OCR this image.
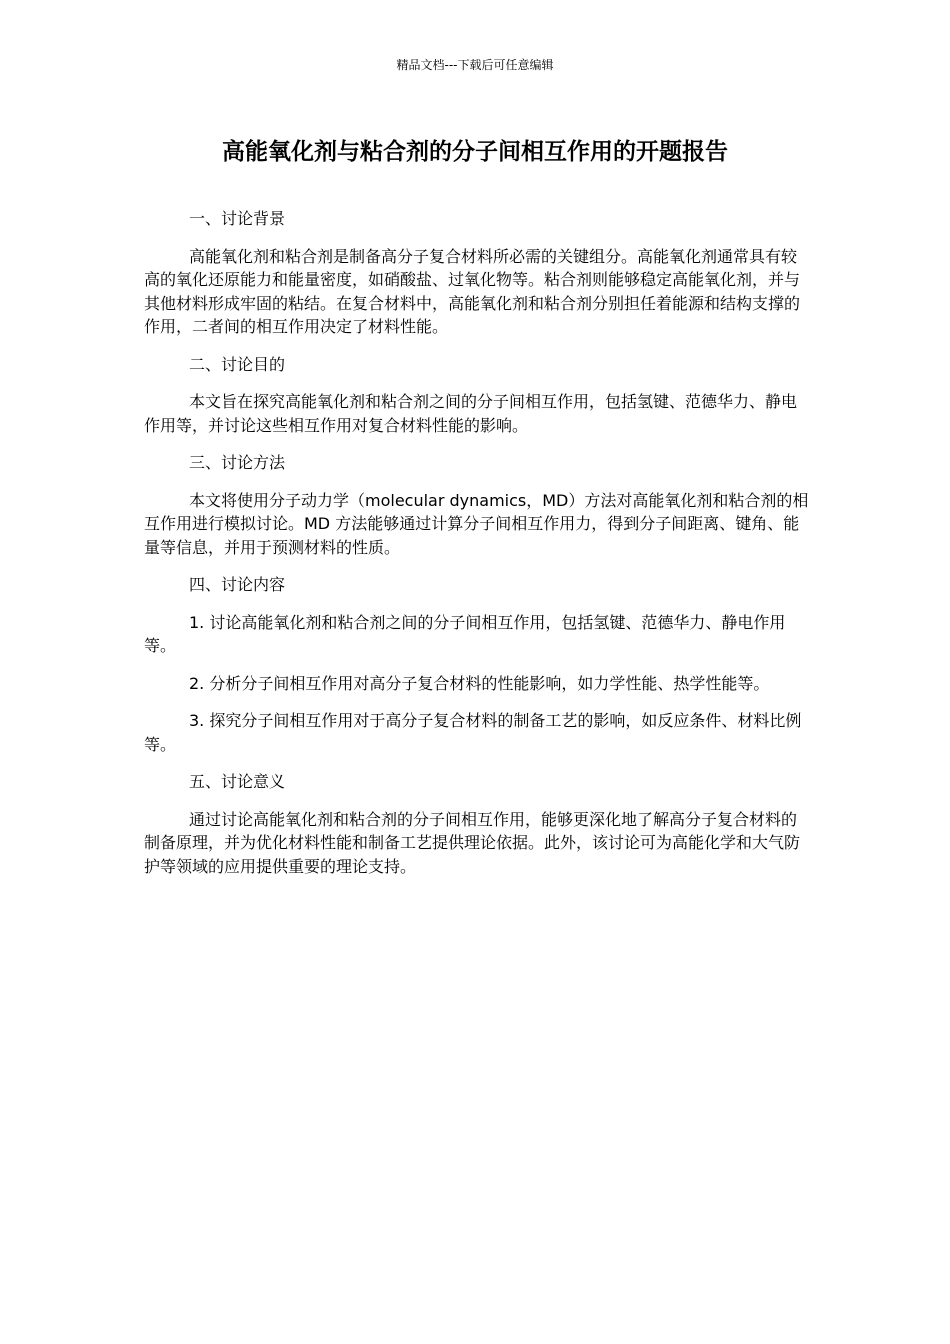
精品文档---下载后可任意编辑
高能氧化剂与粘合剂的分子间相互作用的开题报告

一、讨论背景

高能氧化剂和粘合剂是制备高分子复合材料所必需的关键组分。高能氧化剂通常具有较高的氧化还原能力和能量密度，如硝酸盐、过氧化物等。粘合剂则能够稳定高能氧化剂，并与其他材料形成牢固的粘结。在复合材料中，高能氧化剂和粘合剂分别担任着能源和结构支撑的作用，二者间的相互作用决定了材料性能。

二、讨论目的

本文旨在探究高能氧化剂和粘合剂之间的分子间相互作用，包括氢键、范德华力、静电作用等，并讨论这些相互作用对复合材料性能的影响。

三、讨论方法

本文将使用分子动力学（molecular dynamics，MD）方法对高能氧化剂和粘合剂的相互作用进行模拟讨论。MD 方法能够通过计算分子间相互作用力，得到分子间距离、键角、能量等信息，并用于预测材料的性质。

四、讨论内容

1. 讨论高能氧化剂和粘合剂之间的分子间相互作用，包括氢键、范德华力、静电作用等。

2. 分析分子间相互作用对高分子复合材料的性能影响，如力学性能、热学性能等。

3. 探究分子间相互作用对于高分子复合材料的制备工艺的影响，如反应条件、材料比例等。

五、讨论意义

通过讨论高能氧化剂和粘合剂的分子间相互作用，能够更深化地了解高分子复合材料的制备原理，并为优化材料性能和制备工艺提供理论依据。此外，该讨论可为高能化学和大气防护等领域的应用提供重要的理论支持。
